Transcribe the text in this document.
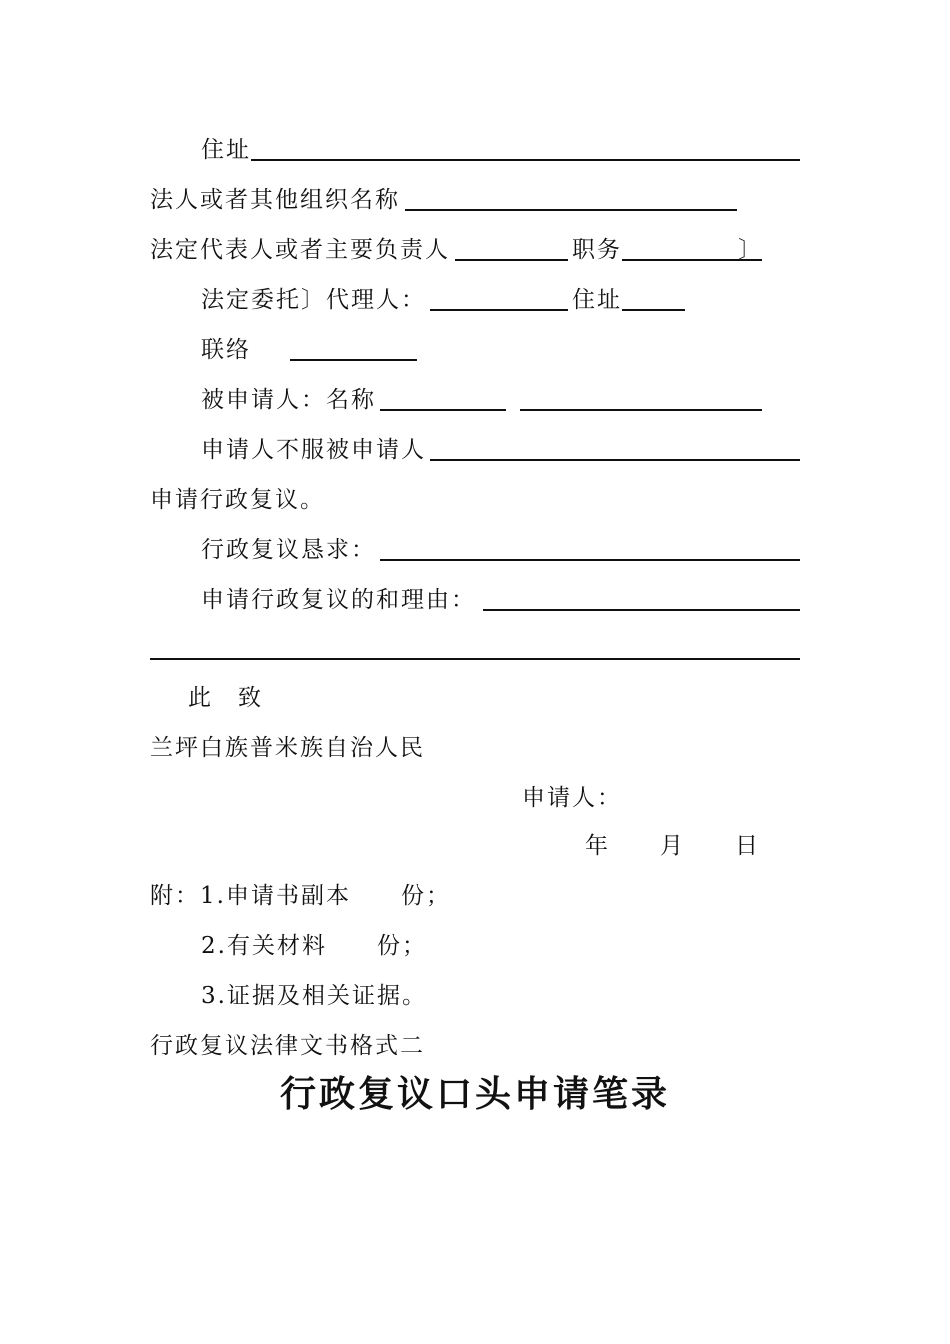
住址
法人或者其他组织名称
法定代表人或者主要负责人	职务	〕
法定委托〕代理人：	住址
联络
被申请人：名称
申请人不服被申请人
申请行政复议。
行政复议恳求：
申请行政复议的和理由：
此　致
兰坪白族普米族自治人民
申请人：
年　　月　　日
附：1.申请书副本　　份；
2.有关材料　　份；
3.证据及相关证据。
行政复议法律文书格式二
行政复议口头申请笔录
